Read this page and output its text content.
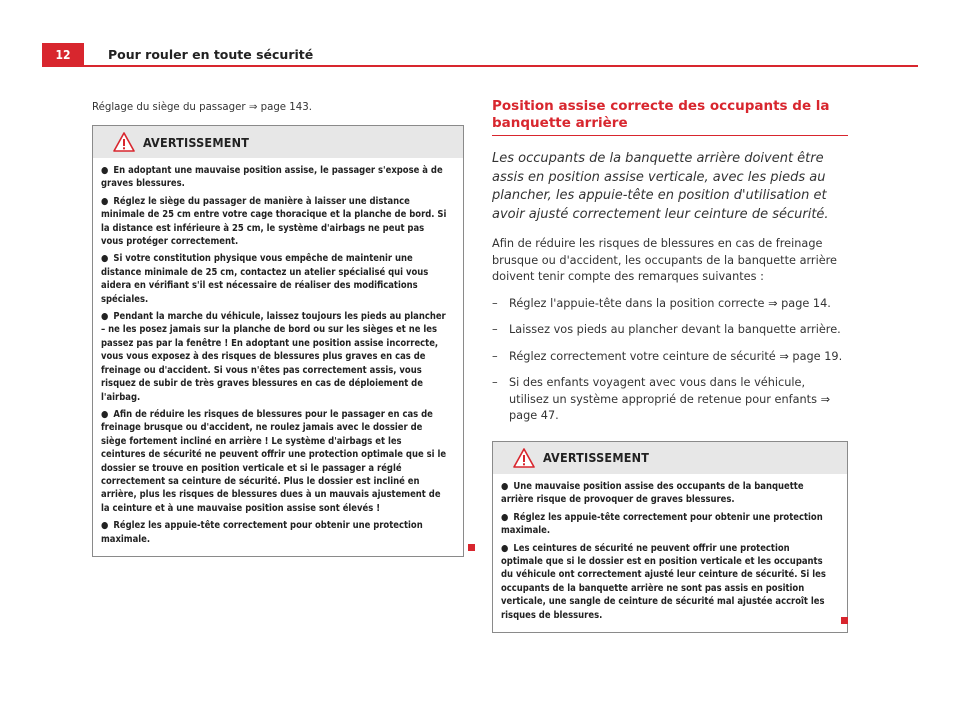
12	Pour rouler en toute sécurité

Réglage du siège du passager ⇒ page 143.

AVERTISSEMENT

● En adoptant une mauvaise position assise, le passager s'expose à de graves blessures.

● Réglez le siège du passager de manière à laisser une distance minimale de 25 cm entre votre cage thoracique et la planche de bord. Si la distance est inférieure à 25 cm, le système d'airbags ne peut pas vous protéger correctement.

● Si votre constitution physique vous empêche de maintenir une distance minimale de 25 cm, contactez un atelier spécialisé qui vous aidera en vérifiant s'il est nécessaire de réaliser des modifications spéciales.

● Pendant la marche du véhicule, laissez toujours les pieds au plancher – ne les posez jamais sur la planche de bord ou sur les sièges et ne les passez pas par la fenêtre ! En adoptant une position assise incorrecte, vous vous exposez à des risques de blessures plus graves en cas de freinage ou d'accident. Si vous n'êtes pas correctement assis, vous risquez de subir de très graves blessures en cas de déploiement de l'airbag.

● Afin de réduire les risques de blessures pour le passager en cas de freinage brusque ou d'accident, ne roulez jamais avec le dossier de siège fortement incliné en arrière ! Le système d'airbags et les ceintures de sécurité ne peuvent offrir une protection optimale que si le dossier se trouve en position verticale et si le passager a réglé correctement sa ceinture de sécurité. Plus le dossier est incliné en arrière, plus les risques de blessures dues à un mauvais ajustement de la ceinture et à une mauvaise position assise sont élevés !

● Réglez les appuie-tête correctement pour obtenir une protection maximale.

Position assise correcte des occupants de la banquette arrière

Les occupants de la banquette arrière doivent être assis en position assise verticale, avec les pieds au plancher, les appuie-tête en position d'utilisation et avoir ajusté correctement leur ceinture de sécurité.

Afin de réduire les risques de blessures en cas de freinage brusque ou d'accident, les occupants de la banquette arrière doivent tenir compte des remarques suivantes :

– Réglez l'appuie-tête dans la position correcte ⇒ page 14.
– Laissez vos pieds au plancher devant la banquette arrière.
– Réglez correctement votre ceinture de sécurité ⇒ page 19.
– Si des enfants voyagent avec vous dans le véhicule, utilisez un système approprié de retenue pour enfants ⇒ page 47.
AVERTISSEMENT

● Une mauvaise position assise des occupants de la banquette arrière risque de provoquer de graves blessures.

● Réglez les appuie-tête correctement pour obtenir une protection maximale.

● Les ceintures de sécurité ne peuvent offrir une protection optimale que si le dossier est en position verticale et les occupants du véhicule ont correctement ajusté leur ceinture de sécurité. Si les occupants de la banquette arrière ne sont pas assis en position verticale, une sangle de ceinture de sécurité mal ajustée accroît les risques de blessures.
